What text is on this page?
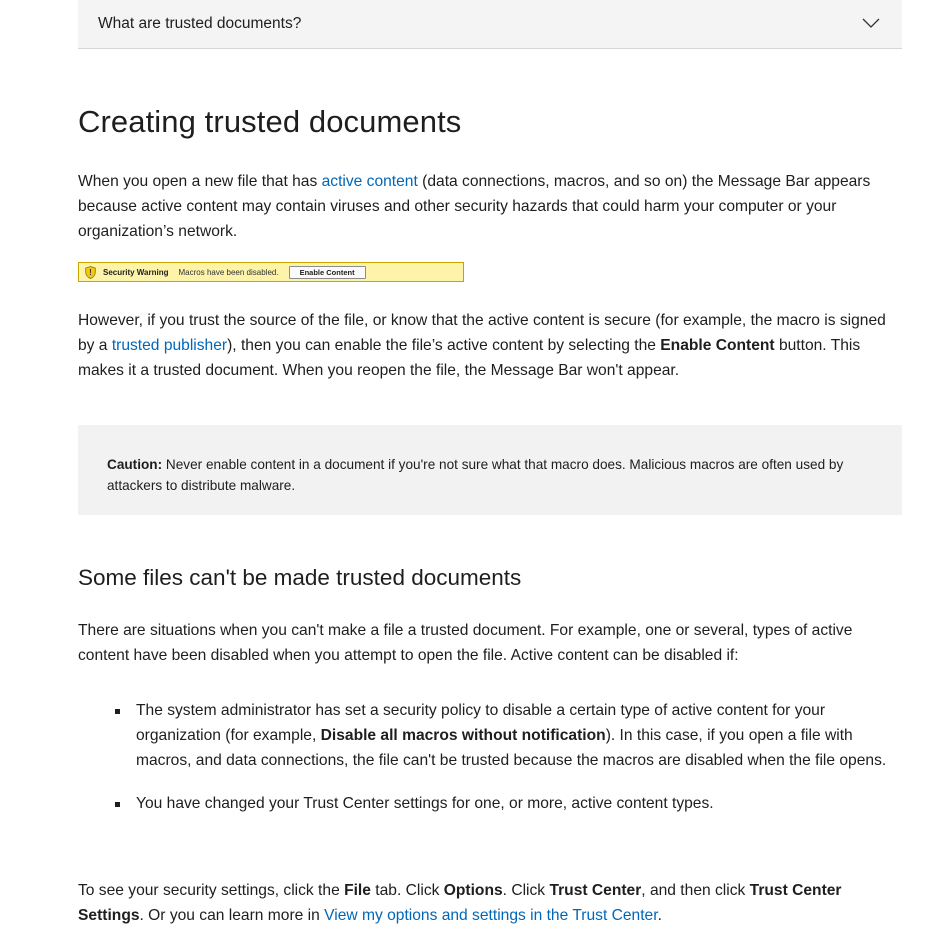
What are trusted documents?
Creating trusted documents

When you open a new file that has active content (data connections, macros, and so on) the Message Bar appears because active content may contain viruses and other security hazards that could harm your computer or your organization’s network.

! Security Warning Macros have been disabled.	Enable Content

However, if you trust the source of the file, or know that the active content is secure (for example, the macro is signed by a trusted publisher), then you can enable the file’s active content by selecting the Enable Content button. This makes it a trusted document. When you reopen the file, the Message Bar won't appear.

Caution: Never enable content in a document if you're not sure what that macro does. Malicious macros are often used by attackers to distribute malware.

Some files can't be made trusted documents

There are situations when you can't make a file a trusted document. For example, one or several, types of active content have been disabled when you attempt to open the file. Active content can be disabled if:

The system administrator has set a security policy to disable a certain type of active content for your organization (for example, Disable all macros without notification). In this case, if you open a file with macros, and data connections, the file can't be trusted because the macros are disabled when the file opens.
You have changed your Trust Center settings for one, or more, active content types.

To see your security settings, click the File tab. Click Options. Click Trust Center, and then click Trust Center Settings. Or you can learn more in View my options and settings in the Trust Center.
